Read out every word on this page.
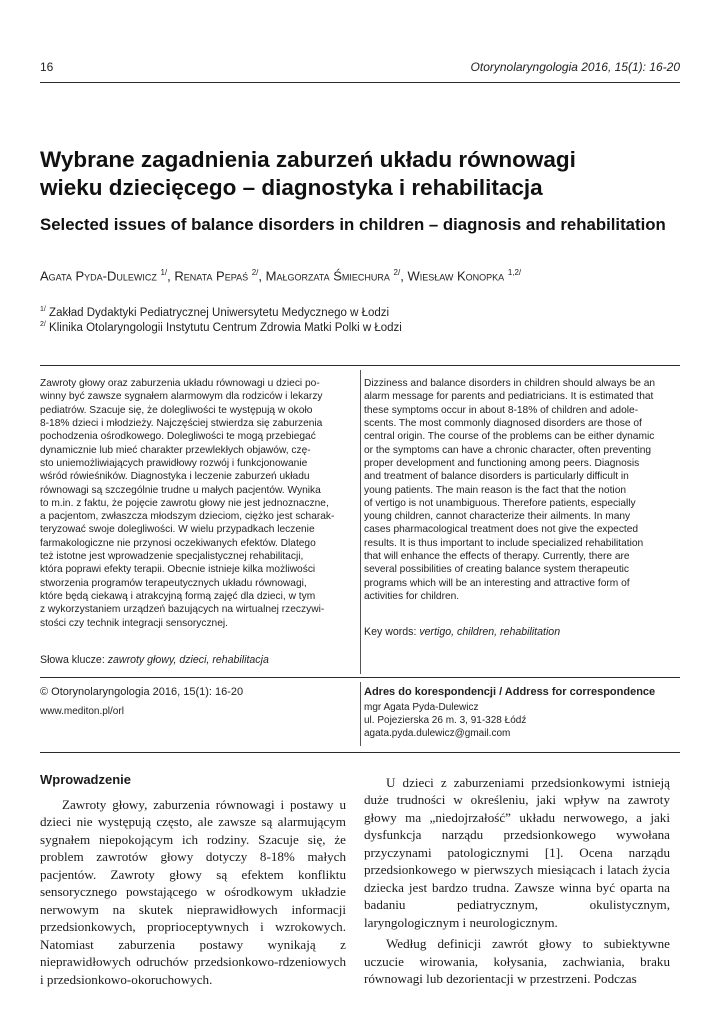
16	Otorynolaryngologia 2016, 15(1): 16-20
Wybrane zagadnienia zaburzeń układu równowagi
wieku dziecięcego – diagnostyka i rehabilitacja
Selected issues of balance disorders in children – diagnosis and rehabilitation
Agata Pyda-Dulewicz $^{1/}$, Renata Pepaś $^{2/}$, Małgorzata Śmiechura $^{2/}$, Wiesław Konopka $^{1,2/}$
$^{1/}$ Zakład Dydaktyki Pediatrycznej Uniwersytetu Medycznego w Łodzi
$^{2/}$ Klinika Otolaryngologii Instytutu Centrum Zdrowia Matki Polki w Łodzi

Zawroty głowy oraz zaburzenia układu równowagi u dzieci po-
winny być zawsze sygnałem alarmowym dla rodziców i lekarzy
pediatrów. Szacuje się, że dolegliwości te występują w około
8-18% dzieci i młodzieży. Najczęściej stwierdza się zaburzenia
pochodzenia ośrodkowego. Dolegliwości te mogą przebiegać
dynamicznie lub mieć charakter przewlekłych objawów, czę-
sto uniemożliwiających prawidłowy rozwój i funkcjonowanie
wśród rówieśników. Diagnostyka i leczenie zaburzeń układu
równowagi są szczególnie trudne u małych pacjentów. Wynika
to m.in. z faktu, że pojęcie zawrotu głowy nie jest jednoznaczne,
a pacjentom, zwłaszcza młodszym dzieciom, ciężko jest scharak-
teryzować swoje dolegliwości. W wielu przypadkach leczenie
farmakologiczne nie przynosi oczekiwanych efektów. Dlatego
też istotne jest wprowadzenie specjalistycznej rehabilitacji,
która poprawi efekty terapii. Obecnie istnieje kilka możliwości
stworzenia programów terapeutycznych układu równowagi,
które będą ciekawą i atrakcyjną formą zajęć dla dzieci, w tym
z wykorzystaniem urządzeń bazujących na wirtualnej rzeczywi-
stości czy technik integracji sensorycznej.

Słowa klucze: zawroty głowy, dzieci, rehabilitacja

Dizziness and balance disorders in children should always be an
alarm message for parents and pediatricians. It is estimated that
these symptoms occur in about 8-18% of children and adole-
scents. The most commonly diagnosed disorders are those of
central origin. The course of the problems can be either dynamic
or the symptoms can have a chronic character, often preventing
proper development and functioning among peers. Diagnosis
and treatment of balance disorders is particularly difficult in
young patients. The main reason is the fact that the notion
of vertigo is not unambiguous. Therefore patients, especially
young children, cannot characterize their ailments. In many
cases pharmacological treatment does not give the expected
results. It is thus important to include specialized rehabilitation
that will enhance the effects of therapy. Currently, there are
several possibilities of creating balance system therapeutic
programs which will be an interesting and attractive form of
activities for children.

Key words: vertigo, children, rehabilitation
© Otorynolaryngologia 2016, 15(1): 16-20
www.mediton.pl/orl
Adres do korespondencji / Address for correspondence
mgr Agata Pyda-Dulewicz
ul. Pojezierska 26 m. 3, 91-328 Łódź
agata.pyda.dulewicz@gmail.com
Wprowadzenie

Zawroty głowy, zaburzenia równowagi i postawy u dzieci nie występują często, ale zawsze są alarmującym sygnałem niepokojącym ich rodziny. Szacuje się, że problem zawrotów głowy dotyczy 8-18% małych pacjentów. Zawroty głowy są efektem konfliktu sensorycznego powstającego w ośrodkowym układzie nerwowym na skutek nieprawidłowych informacji przedsionkowych, proprioceptywnych i wzrokowych. Natomiast zaburzenia postawy wynikają z nieprawidłowych odruchów przedsionkowo-rdzeniowych i przedsionkowo-okoruchowych.

U dzieci z zaburzeniami przedsionkowymi istnieją duże trudności w określeniu, jaki wpływ na zawroty głowy ma „niedojrzałość” układu nerwowego, a jaki dysfunkcja narządu przedsionkowego wywołana przyczynami patologicznymi [1]. Ocena narządu przedsionkowego w pierwszych miesiącach i latach życia dziecka jest bardzo trudna. Zawsze winna być oparta na badaniu pediatrycznym, okulistycznym, laryngologicznym i neurologicznym.

Według definicji zawrót głowy to subiektywne uczucie wirowania, kołysania, zachwiania, braku równowagi lub dezorientacji w przestrzeni. Podczas
